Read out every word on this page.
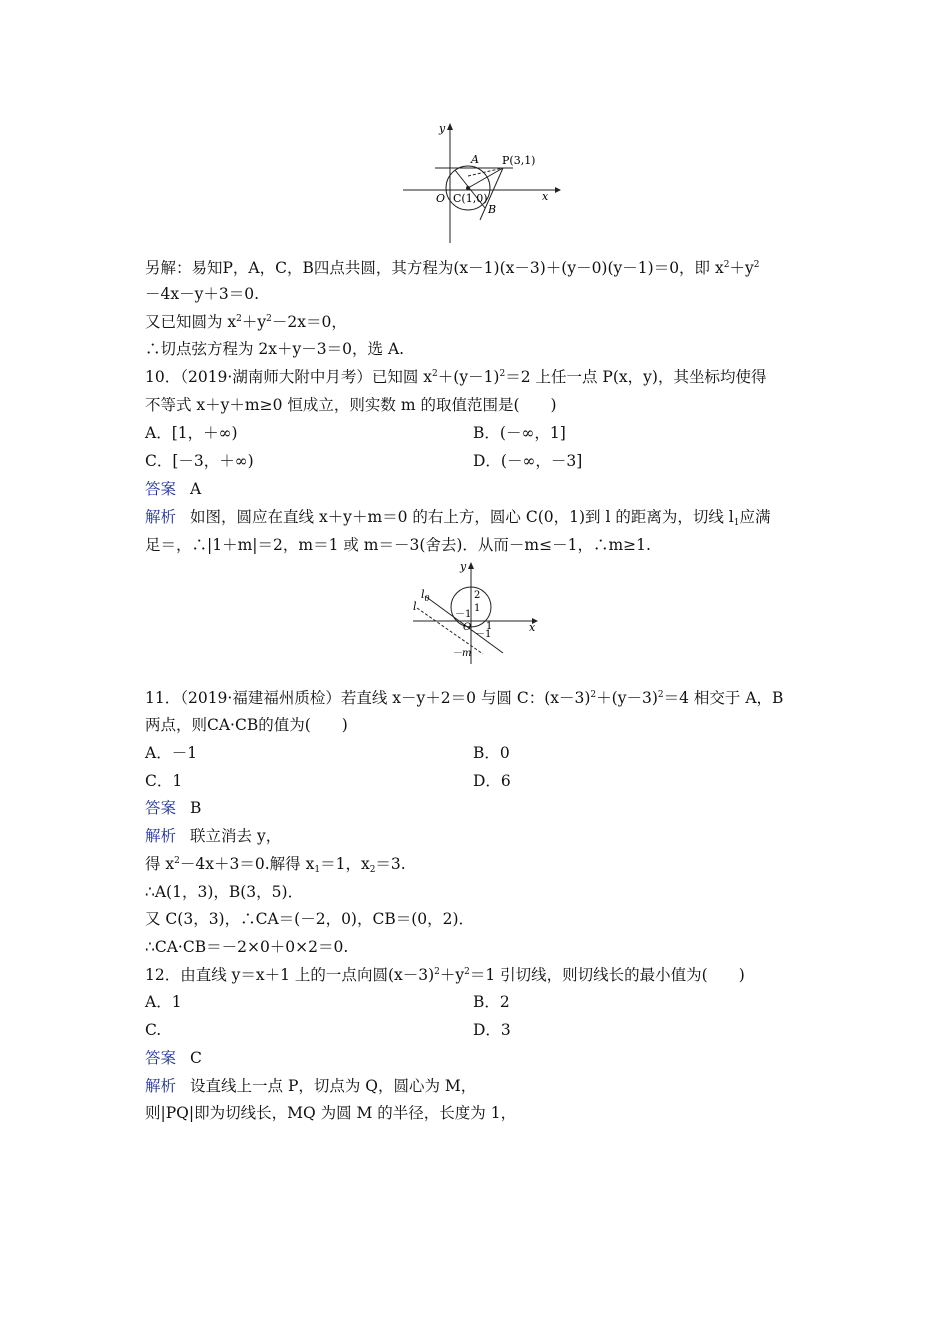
y
x
O
A P(3,1)
C(1,0)
B
另解：易知P，A，C，B四点共圆，其方程为(x－1)(x－3)＋(y－0)(y－1)＝0，即 $x^2+y^2$
－4x－y＋3＝0.
又已知圆为 $x^2+y^2-2x=0$，
∴切点弦方程为 2x＋y－3＝0，选 A.
10．（2019·湖南师大附中月考）已知圆 $x^2+(y-1)^2=2$ 上任一点 P(x，y)，其坐标均使得
不等式 x＋y＋m≥0 恒成立，则实数 m 的取值范围是(　　)
A．[1，＋∞)	B．(－∞，1]
C．[－3，＋∞)	D．(－∞，－3]
答案 A
解析 如图，圆应在直线 x＋y＋m＝0 的右上方，圆心 C(0，1)到 l 的距离为，切线 $l_1$应满
足＝，∴|1＋m|＝2，m＝1 或 m＝－3(舍去)．从而－m≤－1，∴m≥1.
y
x
$l_0$
l
2
1
－1
O 1
－1
－m
11．（2019·福建福州质检）若直线 x－y＋2＝0 与圆 C：$(x-3)^2+(y-3)^2=4$ 相交于 A，B
两点，则CA·CB的值为(　　)
A．－1	B．0
C．1	D．6
答案 B
解析 联立消去 y，
得 $x^2-4x+3=0$.解得 $x_1=1$，$x_2=3$.
∴A(1，3)，B(3，5)．
又 C(3，3)，∴CA＝(－2，0)，CB＝(0，2)．
∴CA·CB＝－2×0＋0×2＝0.
12．由直线 y＝x＋1 上的一点向圆$(x-3)^2+y^2=1$ 引切线，则切线长的最小值为(　　)
A．1	B．2
C.	D．3
答案 C
解析 设直线上一点 P，切点为 Q，圆心为 M，
则|PQ|即为切线长，MQ 为圆 M 的半径，长度为 1，
